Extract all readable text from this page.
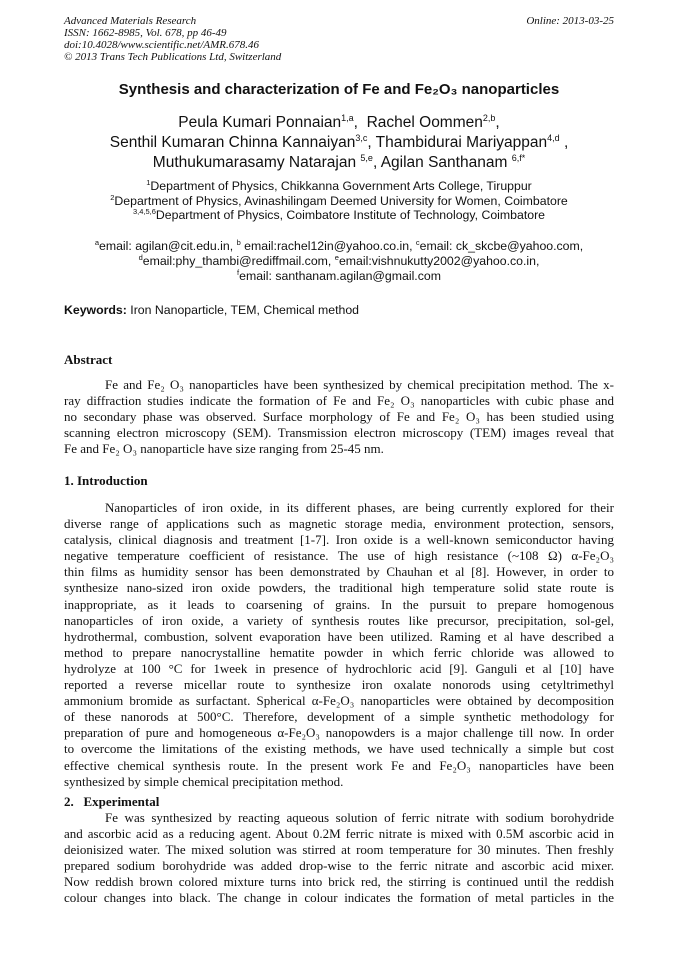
Advanced Materials Research
ISSN: 1662-8985, Vol. 678, pp 46-49
doi:10.4028/www.scientific.net/AMR.678.46
© 2013 Trans Tech Publications Ltd, Switzerland
Online: 2013-03-25
Synthesis and characterization of Fe and Fe₂O₃ nanoparticles
Peula Kumari Ponnaian$^{1,a}$,  Rachel Oommen$^{2,b}$,
Senthil Kumaran Chinna Kannaiyan$^{3,c}$, Thambidurai Mariyappan$^{4,d}$ ,
Muthukumarasamy Natarajan $^{5,e}$, Agilan Santhanam $^{6,f*}$
$^1$Department of Physics, Chikkanna Government Arts College, Tiruppur
$^2$Department of Physics, Avinashilingam Deemed University for Women, Coimbatore
$^{3,4,5,6}$Department of Physics, Coimbatore Institute of Technology, Coimbatore
$^a$email: agilan@cit.edu.in, $^b$ email:rachel12in@yahoo.co.in, $^c$email: ck_skcbe@yahoo.com,
$^d$email:phy_thambi@rediffmail.com, $^e$email:vishnukutty2002@yahoo.co.in,
$^f$email: santhanam.agilan@gmail.com
Keywords: Iron Nanoparticle, TEM, Chemical method
Abstract
Fe and Fe₂ O₃ nanoparticles have been synthesized by chemical precipitation method. The x-
ray diffraction studies indicate the formation of Fe and Fe₂ O₃ nanoparticles with cubic phase and
no secondary phase was observed. Surface morphology of Fe and Fe₂ O₃ has been studied using
scanning electron microscopy (SEM). Transmission electron microscopy (TEM) images reveal that
Fe and Fe₂ O₃ nanoparticle have size ranging from 25-45 nm.
1. Introduction
Nanoparticles of iron oxide, in its different phases, are being currently explored for their
diverse range of applications such as magnetic storage media, environment protection, sensors,
catalysis, clinical diagnosis and treatment [1-7]. Iron oxide is a well-known semiconductor having
negative temperature coefficient of resistance. The use of high resistance (~108 Ω) α-Fe₂O₃
thin films as humidity sensor has been demonstrated by Chauhan et al [8]. However, in order to
synthesize nano-sized iron oxide powders, the traditional high temperature solid state route is
inappropriate, as it leads to coarsening of grains. In the pursuit to prepare homogenous
nanoparticles of iron oxide, a variety of synthesis routes like precursor, precipitation, sol-gel,
hydrothermal, combustion, solvent evaporation have been utilized. Raming et al have described a
method to prepare nanocrystalline hematite powder in which ferric chloride was allowed to
hydrolyze at 100 °C for 1week in presence of hydrochloric acid [9]. Ganguli et al [10] have
reported a reverse micellar route to synthesize iron oxalate nonorods using cetyltrimethyl
ammonium bromide as surfactant. Spherical α-Fe₂O₃ nanoparticles were obtained by decomposition
of these nanorods at 500°C. Therefore, development of a simple synthetic methodology for
preparation of pure and homogeneous α-Fe₂O₃ nanopowders is a major challenge till now. In order
to overcome the limitations of the existing methods, we have used technically a simple but cost
effective chemical synthesis route. In the present work Fe and Fe₂O₃ nanoparticles have been
synthesized by simple chemical precipitation method.
2.   Experimental
Fe was synthesized by reacting aqueous solution of ferric nitrate with sodium borohydride
and ascorbic acid as a reducing agent. About 0.2M ferric nitrate is mixed with 0.5M ascorbic acid in
deionisized water. The mixed solution was stirred at room temperature for 30 minutes. Then freshly
prepared sodium borohydride was added drop-wise to the ferric nitrate and ascorbic acid mixer.
Now reddish brown colored mixture turns into brick red, the stirring is continued until the reddish
colour changes into black. The change in colour indicates the formation of metal particles in the
